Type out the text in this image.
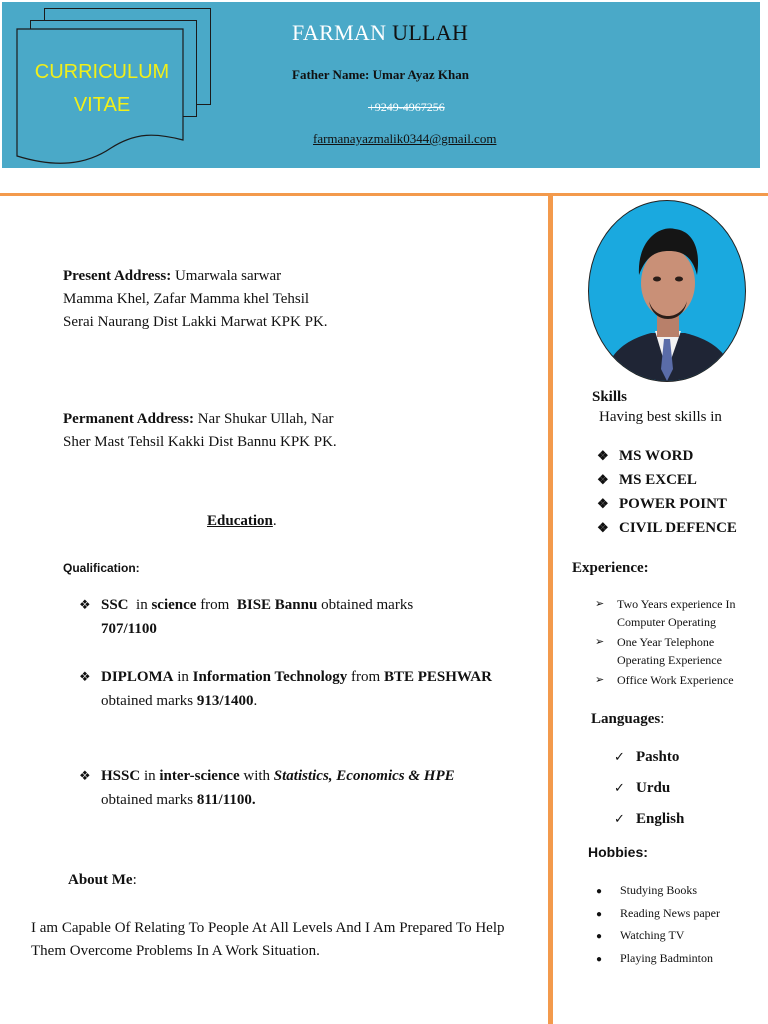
CURRICULUM
VITAE
FARMAN ULLAH
Father Name: Umar Ayaz Khan
+9249-4967256
farmanayazmalik0344@gmail.com
Present Address: Umarwala sarwar
Mamma Khel, Zafar Mamma khel Tehsil
Serai Naurang Dist Lakki Marwat KPK PK.
Permanent Address: Nar Shukar Ullah, Nar
Sher Mast Tehsil Kakki Dist Bannu KPK PK.
Education.
Qualification:
❖ SSC  in science from  BISE Bannu obtained marks
707/1100
❖ DIPLOMA in Information Technology from BTE PESHWAR obtained marks 913/1400.
❖ HSSC in inter-science with Statistics, Economics & HPE obtained marks 811/1100.
About Me:
I am Capable Of Relating To People At All Levels And I Am Prepared To Help Them Overcome Problems In A Work Situation.
Skills
Having best skills in
❖ MS WORD
❖ MS EXCEL
❖ POWER POINT
❖ CIVIL DEFENCE
Experience:
➢ Two Years experience In Computer Operating
➢ One Year Telephone Operating Experience
➢ Office Work Experience
Languages:
✓ Pashto
✓ Urdu
✓ English
Hobbies:
● Studying Books
● Reading News paper
● Watching TV
● Playing Badminton
